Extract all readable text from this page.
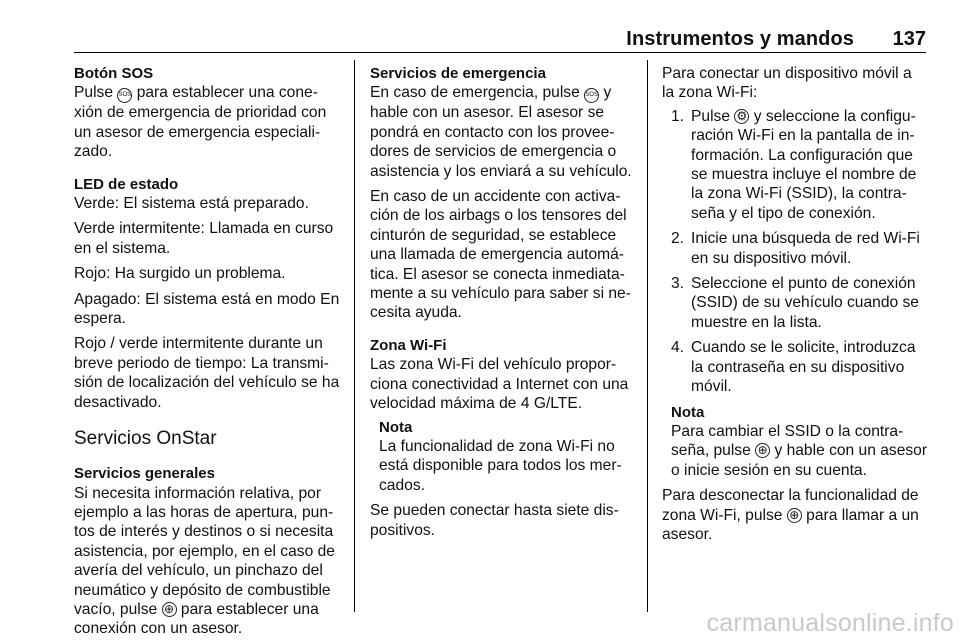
Instrumentos y mandos 137

Botón SOS

Pulse SOS para establecer una cone- xión de emergencia de prioridad con un asesor de emergencia especiali- zado.

LED de estado

Verde: El sistema está preparado.

Verde intermitente: Llamada en curso en el sistema.

Rojo: Ha surgido un problema.

Apagado: El sistema está en modo En espera.

Rojo / verde intermitente durante un breve periodo de tiempo: La transmi- sión de localización del vehículo se ha desactivado.

Servicios OnStar

Servicios generales

Si necesita información relativa, por ejemplo a las horas de apertura, pun- tos de interés y destinos o si necesita asistencia, por ejemplo, en el caso de avería del vehículo, un pinchazo del neumático y depósito de combustible vacío, pulse ⊕ para establecer una conexión con un asesor.

Servicios de emergencia

En caso de emergencia, pulse SOS y hable con un asesor. El asesor se pondrá en contacto con los provee- dores de servicios de emergencia o asistencia y los enviará a su vehículo.

En caso de un accidente con activa- ción de los airbags o los tensores del cinturón de seguridad, se establece una llamada de emergencia automá- tica. El asesor se conecta inmediata- mente a su vehículo para saber si ne- cesita ayuda.

Zona Wi-Fi

Las zona Wi-Fi del vehículo propor- ciona conectividad a Internet con una velocidad máxima de 4 G/LTE.

Nota

La funcionalidad de zona Wi-Fi no está disponible para todos los mer- cados.

Se pueden conectar hasta siete dis- positivos.

Para conectar un dispositivo móvil a la zona Wi-Fi:

1 . Pulse ⚙ y seleccione la configu- ración Wi-Fi en la pantalla de in- formación. La configuración que se muestra incluye el nombre de la zona Wi-Fi (SSID), la contra- seña y el tipo de conexión.
2 . Inicie una búsqueda de red Wi-Fi en su dispositivo móvil.
3 . Seleccione el punto de conexión (SSID) de su vehículo cuando se muestre en la lista.
4 . Cuando se le solicite, introduzca la contraseña en su dispositivo móvil.

Nota

Para cambiar el SSID o la contra- seña, pulse ⊕ y hable con un asesor o inicie sesión en su cuenta.

Para desconectar la funcionalidad de zona Wi-Fi, pulse ⊕ para llamar a un asesor.

carmanualsonline.info
